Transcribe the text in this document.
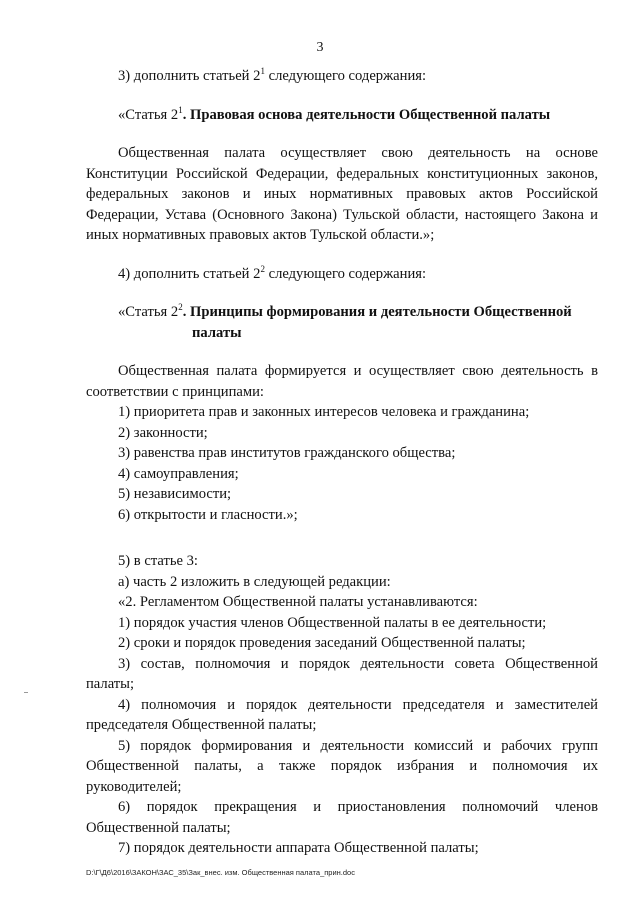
3

3) дополнить статьей $2^1$ следующего содержания:

«Статья $2^1$. Правовая основа деятельности Общественной палаты

Общественная палата осуществляет свою деятельность на основе Конституции Российской Федерации, федеральных конституционных законов, федеральных законов и иных нормативных правовых актов Российской Федерации, Устава (Основного Закона) Тульской области, настоящего Закона и иных нормативных правовых актов Тульской области.»;

4) дополнить статьей $2^2$ следующего содержания:

«Статья $2^2$. Принципы формирования и деятельности Общественной
палаты

Общественная палата формируется и осуществляет свою деятельность в соответствии с принципами:

1) приоритета прав и законных интересов человека и гражданина;

2) законности;

3) равенства прав институтов гражданского общества;

4) самоуправления;

5) независимости;

6) открытости и гласности.»;

5) в статье 3:

а) часть 2 изложить в следующей редакции:

«2. Регламентом Общественной палаты устанавливаются:

1) порядок участия членов Общественной палаты в ее деятельности;

2) сроки и порядок проведения заседаний Общественной палаты;

3) состав, полномочия и порядок деятельности совета Общественной палаты;

4) полномочия и порядок деятельности председателя и заместителей председателя Общественной палаты;

5) порядок формирования и деятельности комиссий и рабочих групп Общественной палаты, а также порядок избрания и полномочия их руководителей;

6) порядок прекращения и приостановления полномочий членов Общественной палаты;

7) порядок деятельности аппарата Общественной палаты;

D:\Г\Д6\2016\ЗАКОН\ЗАС_35\Зак_внес. изм. Общественная палата_прин.doc
